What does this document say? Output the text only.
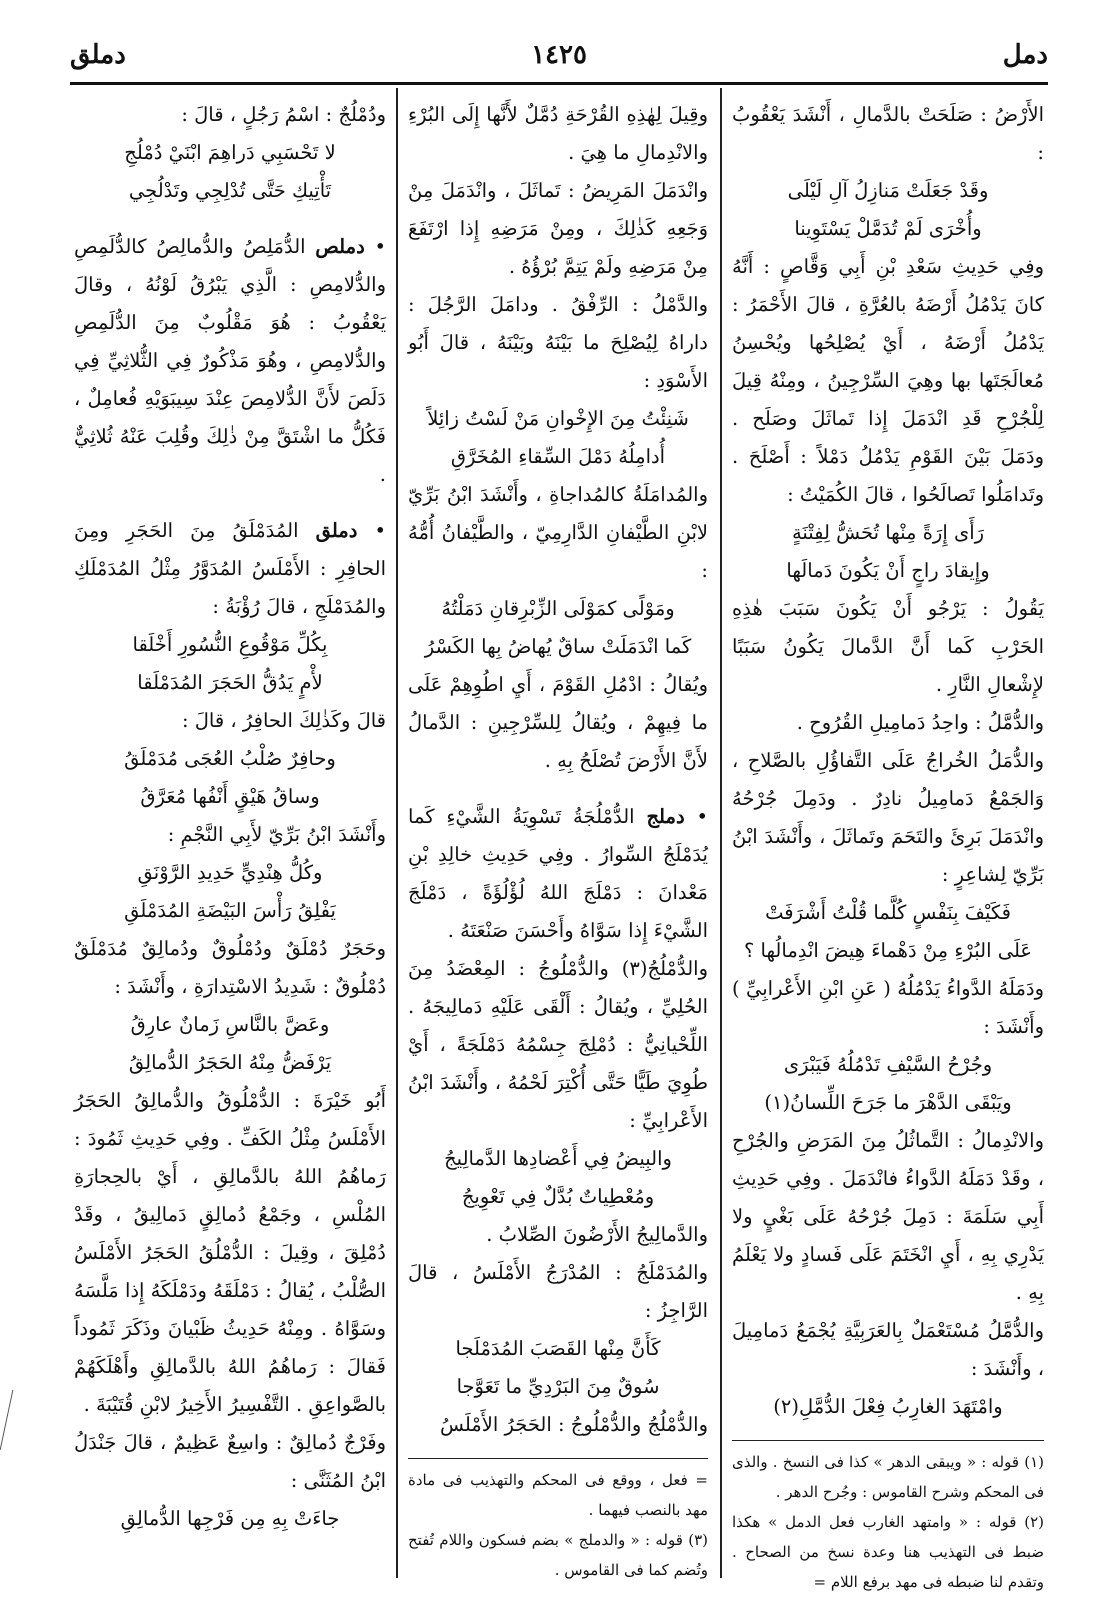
دمل
١٤٢٥
دملق

الأَرْضُ : صَلَحَتْ بالدَّمالِ ، أَنْشَدَ يَعْقُوبُ :

وقَدْ جَعَلَتْ مَنازِلُ آلِ لَيْلَى

وأُخْرَى لَمْ تُدَمَّلْ يَسْتَوِينا

وفِي حَدِيثِ سَعْدِ بْنِ أَبِي وَقَّاصٍ : أَنَّهُ كانَ يَدْمُلُ أَرْضَهُ بالعُرَّةِ ، قالَ الأَحْمَرُ : يَدْمُلُ أَرْضَهُ ، أَيْ يُصْلِحُها ويُحْسِنُ مُعالَجَتَها بها وهِيَ السِّرْجِينُ ، ومِنْهُ قِيلَ لِلْجُرْحِ قَدِ انْدَمَلَ إِذا تَماثَلَ وصَلَح . ودَمَلَ بَيْنَ القَوْمِ يَدْمُلُ دَمْلاً : أَصْلَحَ . وتَدامَلُوا تَصالَحُوا ، قالَ الكُمَيْتُ :

رَأَى إِرَةً مِنْها تُحَشُّ لِفِتْنَةٍ

وإِيقادَ راجٍ أَنْ يَكُونَ دَمالَها

يَقُولُ : يَرْجُو أَنْ يَكُونَ سَبَبَ هٰذِهِ الحَرْبِ كَما أَنَّ الدَّمالَ يَكُونُ سَبَبًا لإِشْعالِ النَّارِ .

والدُّمَّلُ : واحِدُ دَمامِيلِ القُرُوحِ .

والدُّمَلُ الخُراجُ عَلَى التَّفاؤُلِ بالصَّلاحِ ، وَالجَمْعُ دَمامِيلُ نادِرٌ . ودَمِلَ جُرْحُهُ وانْدَمَلَ بَرِئَ والتَحَمَ وتَماثَلَ ، وأَنْشَدَ ابْنُ بَرِّيّ لِشاعِرٍ :

فَكَيْفَ بِنَفْسٍ كُلَّما قُلْتُ أَشْرَفَتْ

عَلَى البُرْءِ مِنْ دَهْماءَ هِيضَ انْدِمالُها ؟

ودَمَلَهُ الدَّواءُ يَدْمُلُهُ ( عَنِ ابْنِ الأَعْرابِيِّ ) وأَنْشَدَ :

وجُرْحُ السَّيْفِ تَدْمُلُهُ فَيَبْرَى

ويَبْقَى الدَّهْرَ ما جَرَحَ اللِّسانُ(١)

والانْدِمالُ : التَّماثُلُ مِنَ المَرَضِ والجُرْحِ ، وقَدْ دَمَلَهُ الدَّواءُ فانْدَمَلَ . وفِي حَدِيثِ أَبِي سَلَمَةَ : دَمِلَ جُرْحُهُ عَلَى بَغْيٍ ولا يَدْرِي بِهِ ، أَيِ انْخَتَمَ عَلَى فَسادٍ ولا يَعْلَمُ بِهِ .

والدُّمَّلُ مُسْتَعْمَلٌ بِالعَرَبِيَّةِ يُجْمَعُ دَمامِيلَ ، وأَنْشَدَ :

وامْتَهَدَ الغارِبُ فِعْلَ الدُّمَّلِ(٢)

(١) قوله : « ويبقى الدهر » كذا فى النسخ . والذى فى المحكم وشرح القاموس : وجُرح الدهر .

(٢) قوله : « وامتهد الغارب فعل الدمل » هكذا ضبط فى التهذيب هنا وعدة نسخ من الصحاح . وتقدم لنا ضبطه فى مهد برفع اللام =

وقِيلَ لِهٰذِهِ القُرْحَةِ دُمَّلٌ لأَنَّها إِلَى البُرْءِ والانْدِمالِ ما هِيَ .

وانْدَمَلَ المَرِيضُ : تَماثَلَ ، وانْدَمَلَ مِنْ وَجَعِهِ كَذٰلِكَ ، ومِنْ مَرَضِهِ إِذا ارْتَفَعَ مِنْ مَرَضِهِ ولَمْ يَتِمَّ بُرْؤُهُ .

والدَّمْلُ : الرِّفْقُ . ودامَلَ الرَّجُلَ : داراهُ لِيُصْلِحَ ما بَيْنَهُ وبَيْنَهُ ، قالَ أَبُو الأَسْوَدِ :

شَنِئْتُ مِنَ الإِخْوانِ مَنْ لَسْتُ زائِلاً

أُدامِلُهُ دَمْلَ السِّقاءِ المُخَرَّقِ

والمُدامَلَةُ كالمُداجاةِ ، وأَنْشَدَ ابْنُ بَرِّيّ لابْنِ الطَّيْفانِ الدَّارِمِيّ ، والطَّيْفانُ أُمُّهُ :

ومَوْلًى كمَوْلَى الزِّبْرِقانِ دَمَلْتُهُ

كَما انْدَمَلَتْ ساقٌ يُهاضُ بِها الكَسْرُ

ويُقالُ : ادْمُلِ القَوْمَ ، أَيِ اطُوِهِمْ عَلَى ما فِيهِمْ ، ويُقالُ لِلسِّرْجِينِ : الدَّمالُ لأَنَّ الأَرْضَ تُصْلَحُ بِهِ .

• دملج الدُّمْلُجَةُ تَسْوِيَةُ الشَّيْءِ كَما يُدَمْلَجُ السِّوارُ . وفِي حَدِيثِ خالِدِ بْنِ مَعْدانَ : دَمْلَجَ اللهُ لُؤْلُؤَةً ، دَمْلَجَ الشَّيْءَ إِذا سَوَّاهُ وأَحْسَنَ صَنْعَتَهُ .

والدُّمْلُجُ(٣) والدُّمْلُوجُ : المِعْضَدُ مِنَ الحُلِيِّ ، ويُقالُ : أَلْقَى عَلَيْهِ دَمالِيجَهُ . اللِّحْيانِيُّ : دُمْلِجَ جِسْمُهُ دَمْلَجَةً ، أَيْ طُوِيَ طَيًّا حَتَّى أُكْتِرَ لَحْمُهُ ، وأَنْشَدَ ابْنُ الأَعْرابِيِّ :

والبِيضُ فِي أَعْضادِها الدَّمالِيجُ

ومُعْطِياتٌ بُدَّلٌ فِي تَعْوِيجُ

والدَّمالِيجُ الأَرْضُونَ الصِّلابُ .

والمُدَمْلَجُ : المُدْرَجُ الأَمْلَسُ ، قالَ الرَّاجِزُ :

كَأَنَّ مِنْها القَصَبَ المُدَمْلَجا

سُوقٌ مِنَ البَرْدِيِّ ما تَعَوَّجا

والدُّمْلُجُ والدُّمْلُوجُ : الحَجَرُ الأَمْلَسُ

= فعل ، ووقع فى المحكم والتهذيب فى مادة مهد بالنصب فيهما .

(٣) قوله : « والدملج » بضم فسكون واللام تُفتح وتُضم كما فى القاموس .

ودُمْلُجٌ : اسْمُ رَجُلٍ ، قالَ :

لا تَحْسَبِي دَراهِمَ ابْنَيْ دُمْلُجِ

تَأْتِيكِ حَتَّى تُدْلِجِي وتَدْلُجِي

• دملص الدُّمَلِصُ والدُّمالِصُ كالدُّلَمِصِ والدُّلامِصِ : الَّذِي يَبْرُقُ لَوْنُهُ ، وقالَ يَعْقُوبُ : هُوَ مَقْلُوبٌ مِنَ الدُّلَمِصِ والدُّلامِصِ ، وهُوَ مَذْكُورٌ فِي الثُّلاثِيِّ فِي دَلَصَ لأَنَّ الدُّلامِصَ عِنْدَ سِيبَوَيْهِ فُعامِلٌ ، فَكُلُّ ما اشْتَقَّ مِنْ ذٰلِكَ وقُلِبَ عَنْهُ ثُلاثِيٌّ .

• دملق المُدَمْلَقُ مِنَ الحَجَرِ ومِنَ الحافِرِ : الأَمْلَسُ المُدَوَّرُ مِثْلُ المُدَمْلَكِ والمُدَمْلَجِ ، قالَ رُؤْبَةُ :

بِكُلِّ مَوْقُوعِ النُّسُورِ أَخْلَقا

لأْمٍ يَدُقُّ الحَجَرَ المُدَمْلَقا

قالَ وكَذٰلِكَ الحافِرُ ، قالَ :

وحافِرٌ صُلْبُ العُجَى مُدَمْلَقُ

وساقُ هَيْقٍ أَنْفُها مُعَرَّقُ

وأَنْشَدَ ابْنُ بَرِّيّ لأَبِي النَّجْمِ :

وكُلُّ هِنْدِيٍّ حَدِيدِ الرَّوْنَقِ

يَفْلِقُ رَأْسَ البَيْضَةِ المُدَمْلَقِ

وحَجَرٌ دُمْلَقٌ ودُمْلُوقٌ ودُمالِقٌ مُدَمْلَقٌ دُمْلُوقٌ : شَدِيدُ الاسْتِدارَةِ ، وأَنْشَدَ :

وعَضَّ بالنَّاسِ زَمانٌ عارِقُ

يَرْفَضُّ مِنْهُ الحَجَرُ الدُّمالِقُ

أَبُو خَيْرَةَ : الدُّمْلُوقُ والدُّمالِقُ الحَجَرُ الأَمْلَسُ مِثْلُ الكَفِّ . وفِي حَدِيثِ ثَمُودَ : رَماهُمُ اللهُ بالدَّمالِقِ ، أَيْ بالحِجارَةِ المُلْسِ ، وجَمْعُ دُمالِقٍ دَمالِيقُ ، وقَدْ دُمْلِقَ ، وقِيلَ : الدُّمْلُقُ الحَجَرُ الأَمْلَسُ الصُّلْبُ ، يُقالُ : دَمْلَقَهُ ودَمْلَكَهُ إِذا مَلَّسَهُ وسَوَّاهُ . ومِنْهُ حَدِيثُ ظَبْيانَ وذَكَرَ ثَمُوداً فَقالَ : رَماهُمُ اللهُ بالدَّمالِقِ وأَهْلَكَهُمْ بالصَّواعِقِ . التَّفْسِيرُ الأَخِيرُ لابْنِ قُتَيْبَةَ .

وفَرْجٌ دُمالِقٌ : واسِعٌ عَظِيمٌ ، قالَ جَنْدَلُ ابْنُ المُثَنَّى :

جاءَتْ بِهِ مِن فَرْجِها الدُّمالِقِ
